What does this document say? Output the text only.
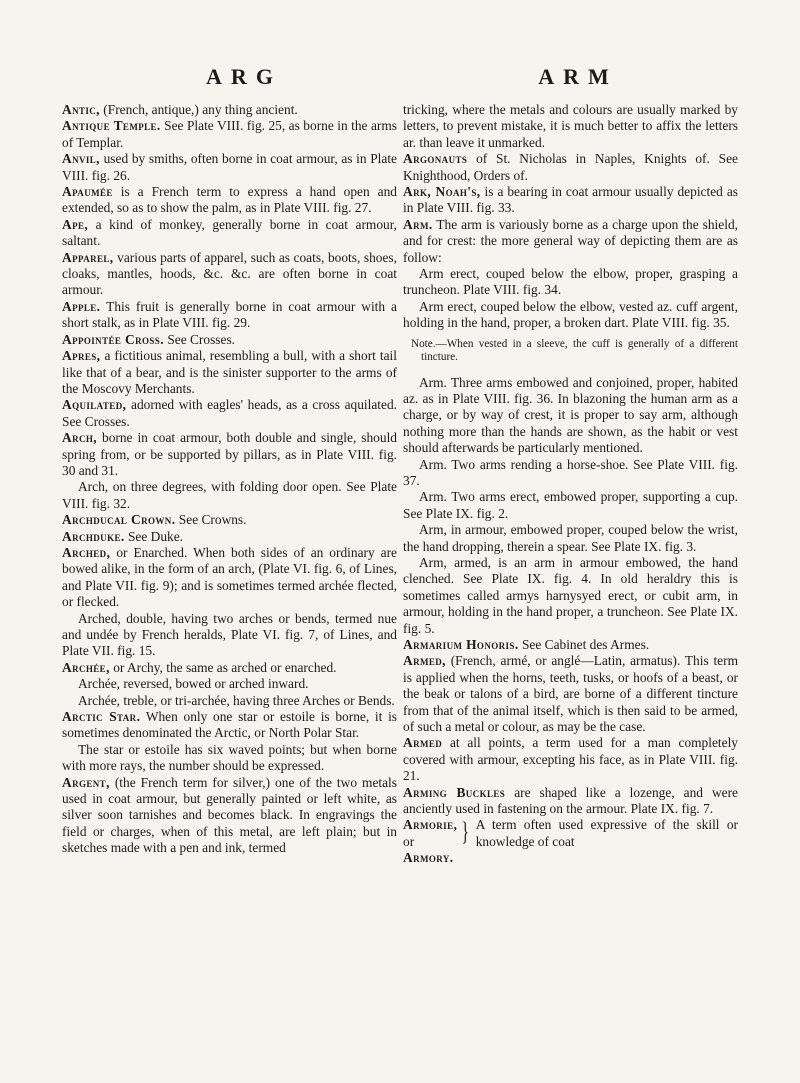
ARG	ARM
Antic, (French, antique,) any thing ancient.
Antique Temple. See Plate VIII. fig. 25, as borne in the arms of Templar.
Anvil, used by smiths, often borne in coat armour, as in Plate VIII. fig. 26.
Apaumée is a French term to express a hand open and extended, so as to show the palm, as in Plate VIII. fig. 27.
Ape, a kind of monkey, generally borne in coat armour, saltant.
Apparel, various parts of apparel, such as coats, boots, shoes, cloaks, mantles, hoods, &c. &c. are often borne in coat armour.
Apple. This fruit is generally borne in coat armour with a short stalk, as in Plate VIII. fig. 29.
Appointée Cross. See Crosses.
Apres, a fictitious animal, resembling a bull, with a short tail like that of a bear, and is the sinister supporter to the arms of the Moscovy Merchants.
Aquilated, adorned with eagles' heads, as a cross aquilated. See Crosses.
Arch, borne in coat armour, both double and single, should spring from, or be supported by pillars, as in Plate VIII. fig. 30 and 31.
Arch, on three degrees, with folding door open. See Plate VIII. fig. 32.
Archducal Crown. See Crowns.
Archduke. See Duke.
Arched, or Enarched. When both sides of an ordinary are bowed alike, in the form of an arch, (Plate VI. fig. 6, of Lines, and Plate VII. fig. 9); and is sometimes termed archée flected, or flecked.
Arched, double, having two arches or bends, termed nue and undée by French heralds, Plate VI. fig. 7, of Lines, and Plate VII. fig. 15.
Archée, or Archy, the same as arched or enarched.
Archée, reversed, bowed or arched inward.
Archée, treble, or tri-archée, having three Arches or Bends.
Arctic Star. When only one star or estoile is borne, it is sometimes denominated the Arctic, or North Polar Star.
The star or estoile has six waved points; but when borne with more rays, the number should be expressed.
Argent, (the French term for silver,) one of the two metals used in coat armour, but generally painted or left white, as silver soon tarnishes and becomes black. In engravings the field or charges, when of this metal, are left plain; but in sketches made with a pen and ink, termed
tricking, where the metals and colours are usually marked by letters, to prevent mistake, it is much better to affix the letters ar. than leave it unmarked.
Argonauts of St. Nicholas in Naples, Knights of. See Knighthood, Orders of.
Ark, Noah's, is a bearing in coat armour usually depicted as in Plate VIII. fig. 33.
Arm. The arm is variously borne as a charge upon the shield, and for crest: the more general way of depicting them are as follow:
Arm erect, couped below the elbow, proper, grasping a truncheon. Plate VIII. fig. 34.
Arm erect, couped below the elbow, vested az. cuff argent, holding in the hand, proper, a broken dart. Plate VIII. fig. 35.
Note.—When vested in a sleeve, the cuff is generally of a different tincture.
Arm. Three arms embowed and conjoined, proper, habited az. as in Plate VIII. fig. 36. In blazoning the human arm as a charge, or by way of crest, it is proper to say arm, although nothing more than the hands are shown, as the habit or vest should afterwards be particularly mentioned.
Arm. Two arms rending a horse-shoe. See Plate VIII. fig. 37.
Arm. Two arms erect, embowed proper, supporting a cup. See Plate IX. fig. 2.
Arm, in armour, embowed proper, couped below the wrist, the hand dropping, therein a spear. See Plate IX. fig. 3.
Arm, armed, is an arm in armour embowed, the hand clenched. See Plate IX. fig. 4. In old heraldry this is sometimes called armys harnysyed erect, or cubit arm, in armour, holding in the hand proper, a truncheon. See Plate IX. fig. 5.
Armarium Honoris. See Cabinet des Armes.
Armed, (French, armé, or anglé—Latin, armatus). This term is applied when the horns, teeth, tusks, or hoofs of a beast, or the beak or talons of a bird, are borne of a different tincture from that of the animal itself, which is then said to be armed, of such a metal or colour, as may be the case.
Armed at all points, a term used for a man completely covered with armour, excepting his face, as in Plate VIII. fig. 21.
Arming Buckles are shaped like a lozenge, and were anciently used in fastening on the armour. Plate IX. fig. 7.
Armorie, or
Armory.
} A term often used expressive of the skill or knowledge of coat
